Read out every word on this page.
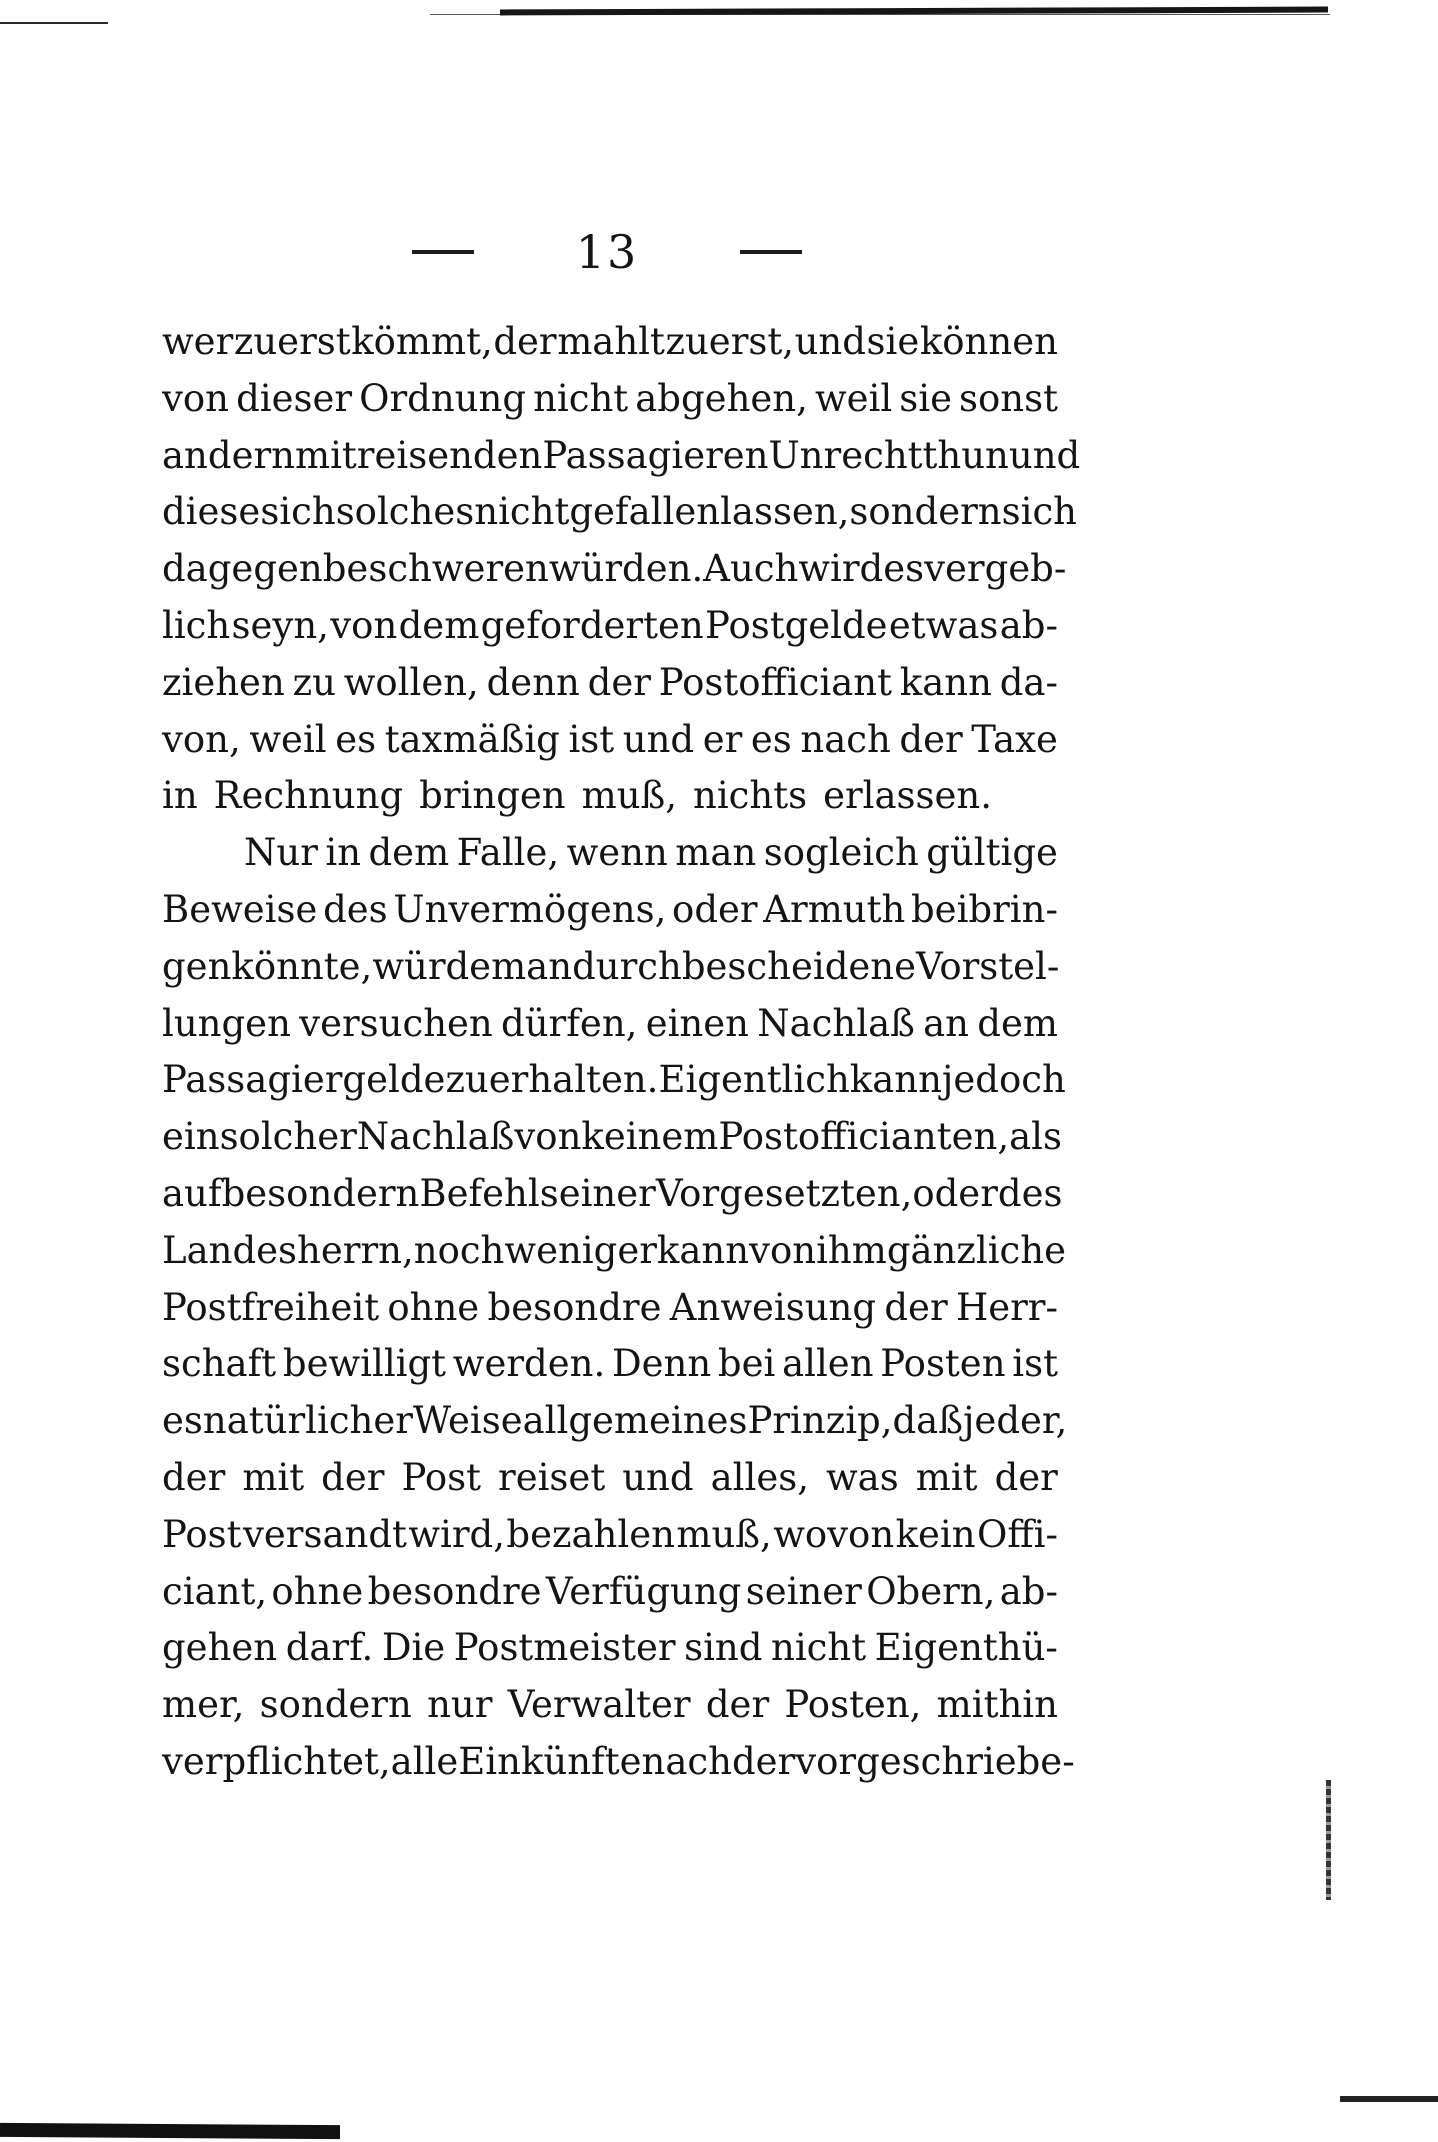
13
wer zuerst kömmt, der mahlt zuerst, und sie können
von dieser Ordnung nicht abgehen, weil sie sonst
andern mitreisenden Passagieren Unrecht thun und
diese sich solches nicht gefallen lassen, sondern sich
dagegen beschweren würden. Auch wird es vergeb-
lich seyn, von dem geforderten Postgelde etwas ab-
ziehen zu wollen, denn der Postofficiant kann da-
von, weil es taxmäßig ist und er es nach der Taxe
in Rechnung bringen muß, nichts erlassen.
Nur in dem Falle, wenn man sogleich gültige
Beweise des Unvermögens, oder Armuth beibrin-
gen könnte, würde man durch bescheidene Vorstel-
lungen versuchen dürfen, einen Nachlaß an dem
Passagiergelde zu erhalten. Eigentlich kann jedoch
ein solcher Nachlaß von keinem Postofficianten, als
auf besondern Befehl seiner Vorgesetzten, oder des
Landesherrn, noch weniger kann von ihm gänzliche
Postfreiheit ohne besondre Anweisung der Herr-
schaft bewilligt werden. Denn bei allen Posten ist
es natürlicher Weise allgemeines Prinzip, daß jeder,
der mit der Post reiset und alles, was mit der
Post versandt wird, bezahlen muß, wovon kein Offi-
ciant, ohne besondre Verfügung seiner Obern, ab-
gehen darf. Die Postmeister sind nicht Eigenthü-
mer, sondern nur Verwalter der Posten, mithin
verpflichtet, alle Einkünfte nach der vorgeschriebe-
